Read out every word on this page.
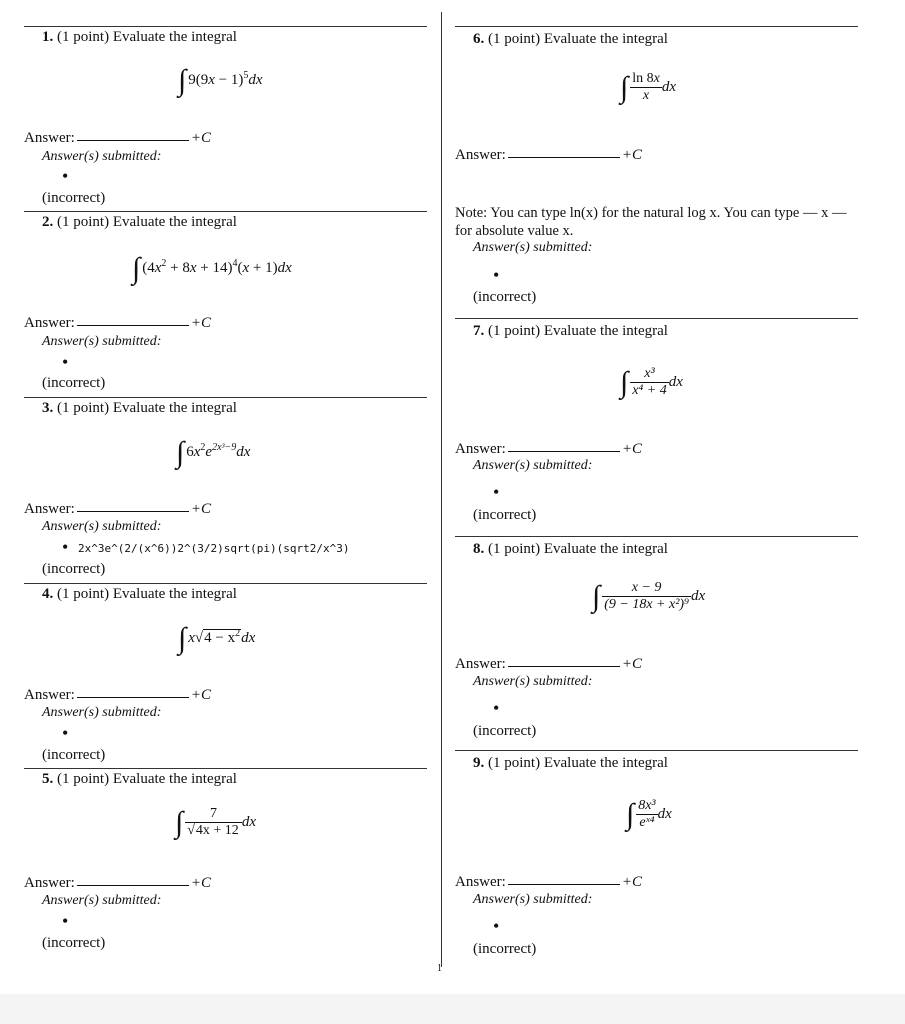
1
1. (1 point) Evaluate the integral
∫ $9(9x - 1)^5dx$
Answer:	+C
Answer(s) submitted:
•
(incorrect)
2. (1 point) Evaluate the integral
∫ $(4x^2 + 8x + 14)^4(x + 1)dx$
Answer:	+C
Answer(s) submitted:
•
(incorrect)
3. (1 point) Evaluate the integral
∫ $6x^2e^{2x^3-9}dx$
Answer:	+C
Answer(s) submitted:
• 2x^3e^(2/(x^6))2^(3/2)sqrt(pi)(sqrt2/x^3)
(incorrect)
4. (1 point) Evaluate the integral
∫ $x√4 - x^2dx$
Answer:	+C
Answer(s) submitted:
•
(incorrect)
5. (1 point) Evaluate the integral
∫ $\frac{7}{√4x + 12}$ dx
Answer:	+C
Answer(s) submitted:
•
(incorrect)
6. (1 point) Evaluate the integral
∫ $\frac{\ln 8x}{x}$ dx
Answer:	+C
Note: You can type ln(x) for the natural log x. You can type — x — for absolute value x.
Answer(s) submitted:
•
(incorrect)
7. (1 point) Evaluate the integral
∫ $\frac{\text{x³}}{\text{x⁴ + 4}}$ dx
Answer:	+C
Answer(s) submitted:
•
(incorrect)
8. (1 point) Evaluate the integral
∫ $\frac{x - 9}{\text{(9 − 18x + x²)⁹}}$ dx
Answer:	+C
Answer(s) submitted:
•
(incorrect)
9. (1 point) Evaluate the integral
∫ $\frac{\text{8x³}}{\text{eˣ⁴}}$ dx
Answer:	+C
Answer(s) submitted:
•
(incorrect)
